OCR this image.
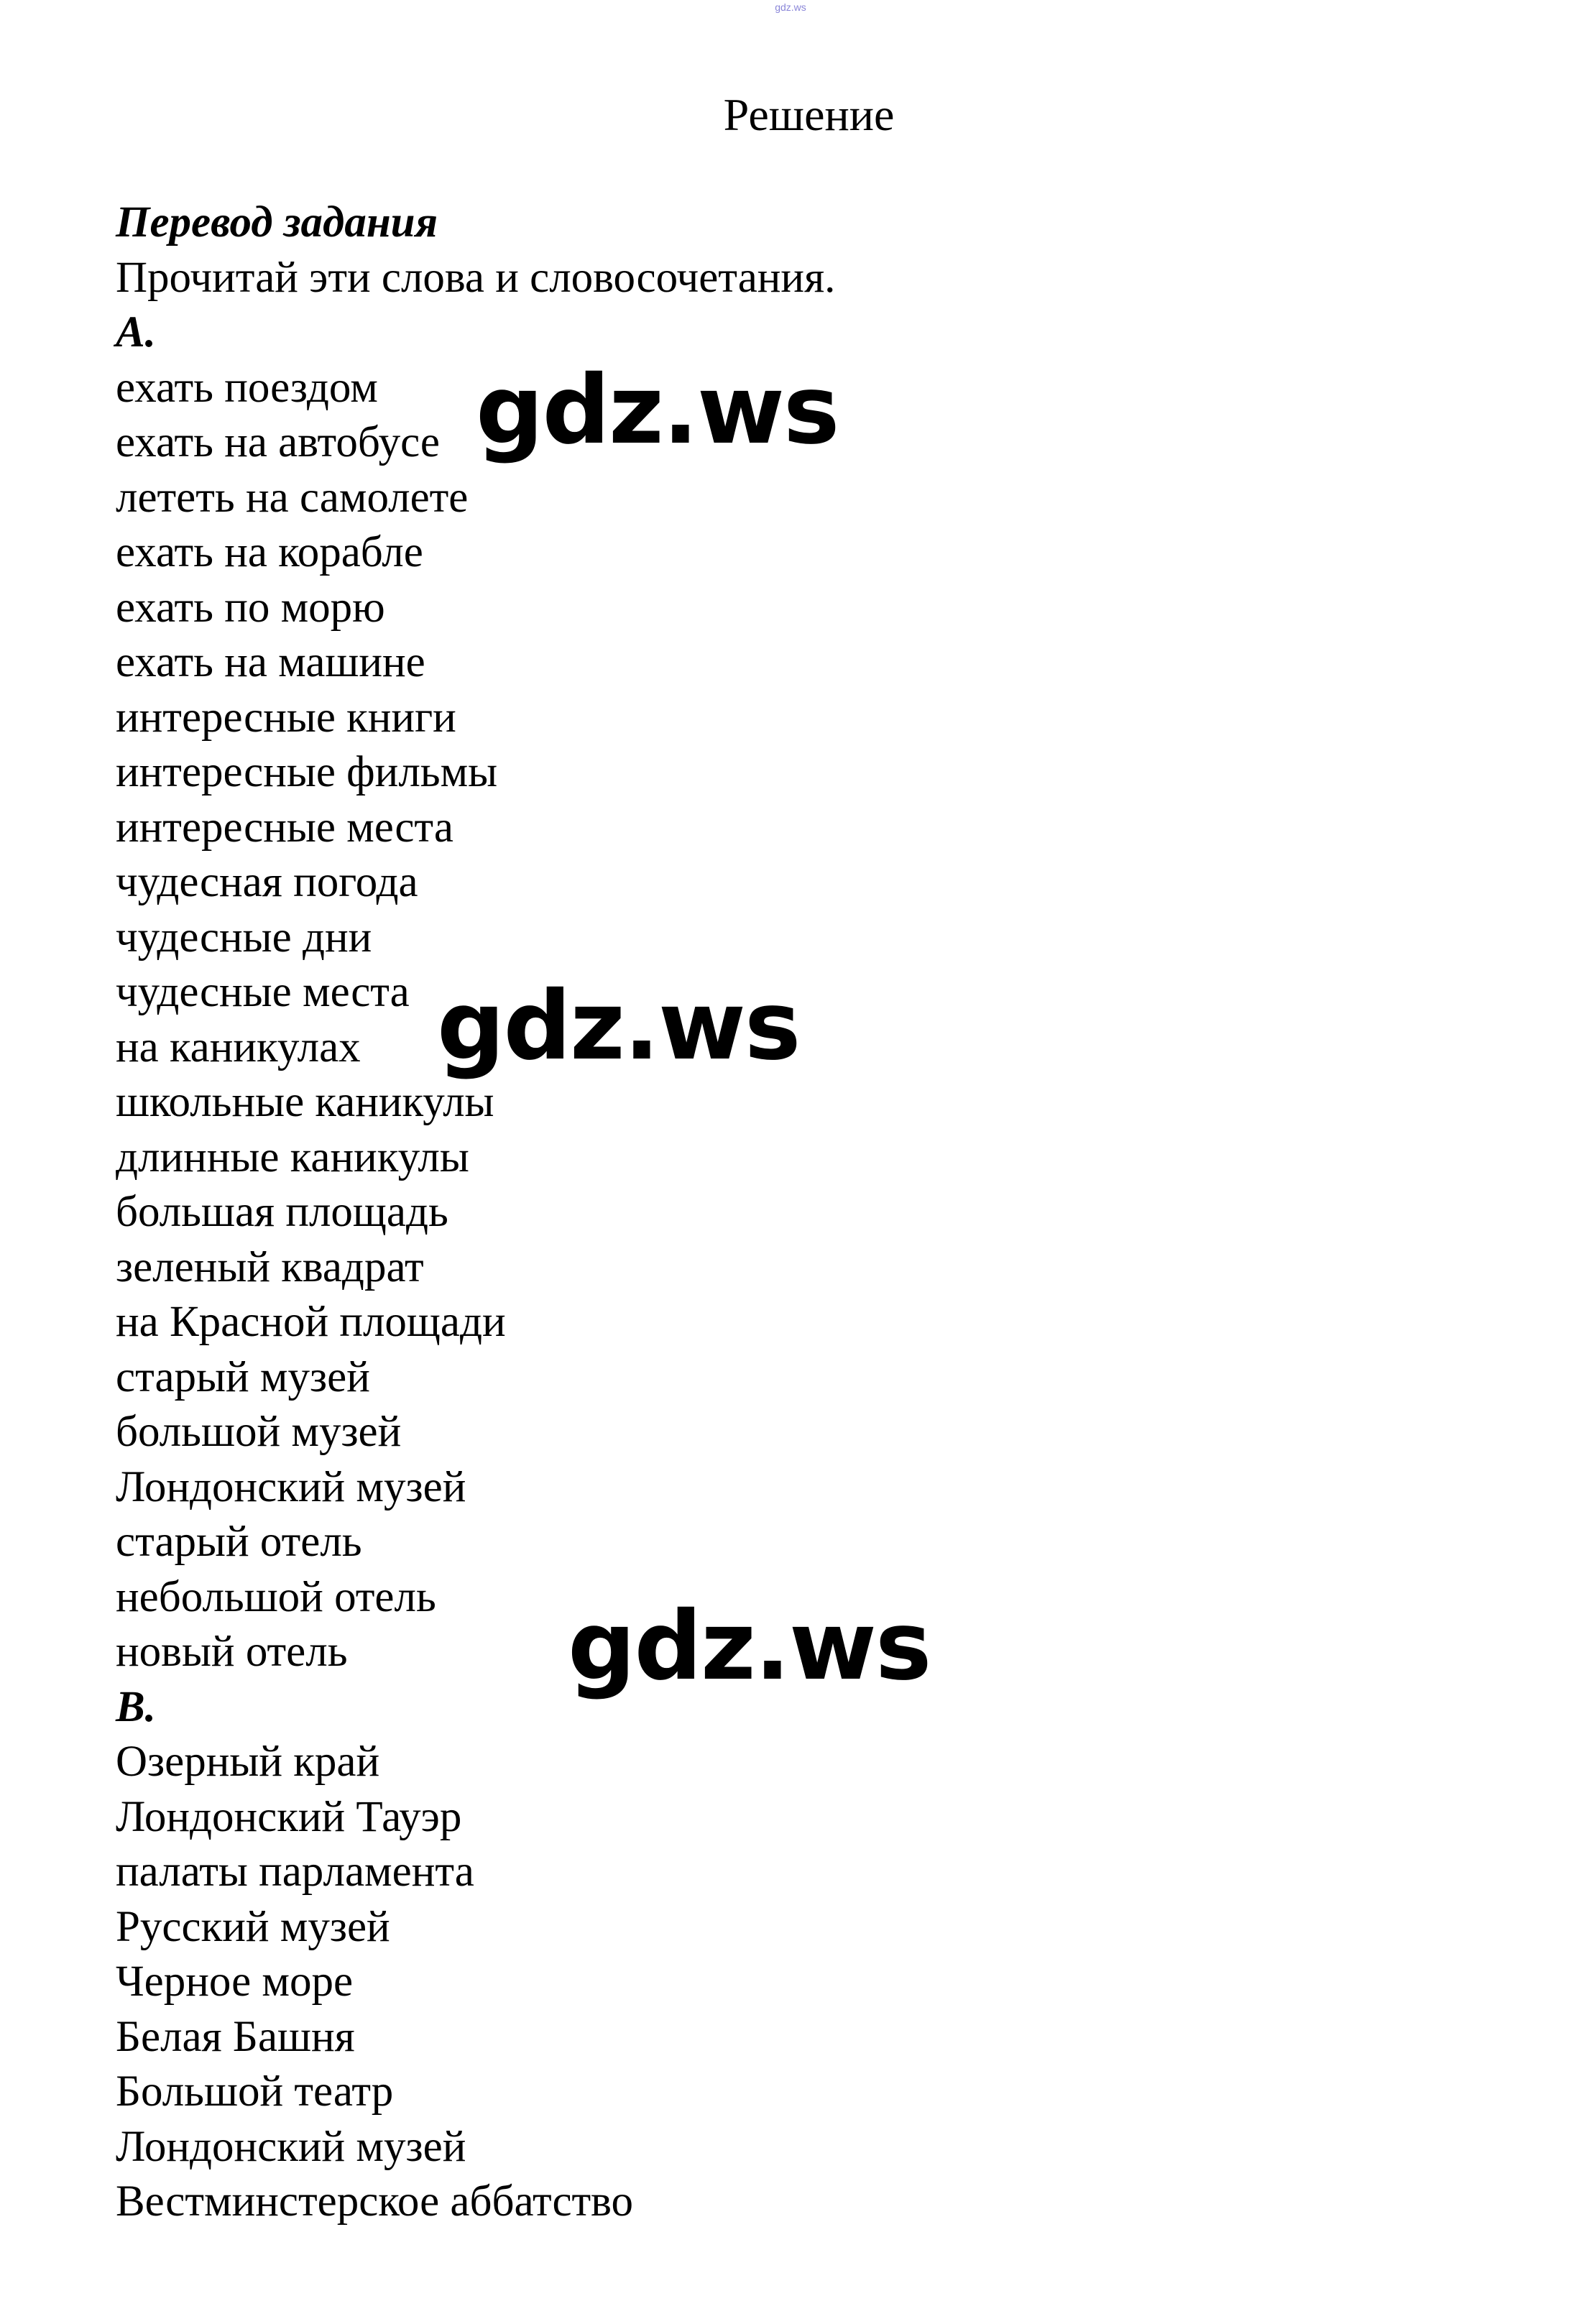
gdz.ws
Решение
Перевод задания
Прочитай эти слова и словосочетания.
A.
ехать поездом
ехать на автобусе
лететь на самолете
ехать на корабле
ехать по морю
ехать на машине
интересные книги
интересные фильмы
интересные места
чудесная погода
чудесные дни
чудесные места
на каникулах
школьные каникулы
длинные каникулы
большая площадь
зеленый квадрат
на Красной площади
старый музей
большой музей
Лондонский музей
старый отель
небольшой отель
новый отель
B.
Озерный край
Лондонский Тауэр
палаты парламента
Русский музей
Черное море
Белая Башня
Большой театр
Лондонский музей
Вестминстерское аббатство
gdz.ws
gdz.ws
gdz.ws
